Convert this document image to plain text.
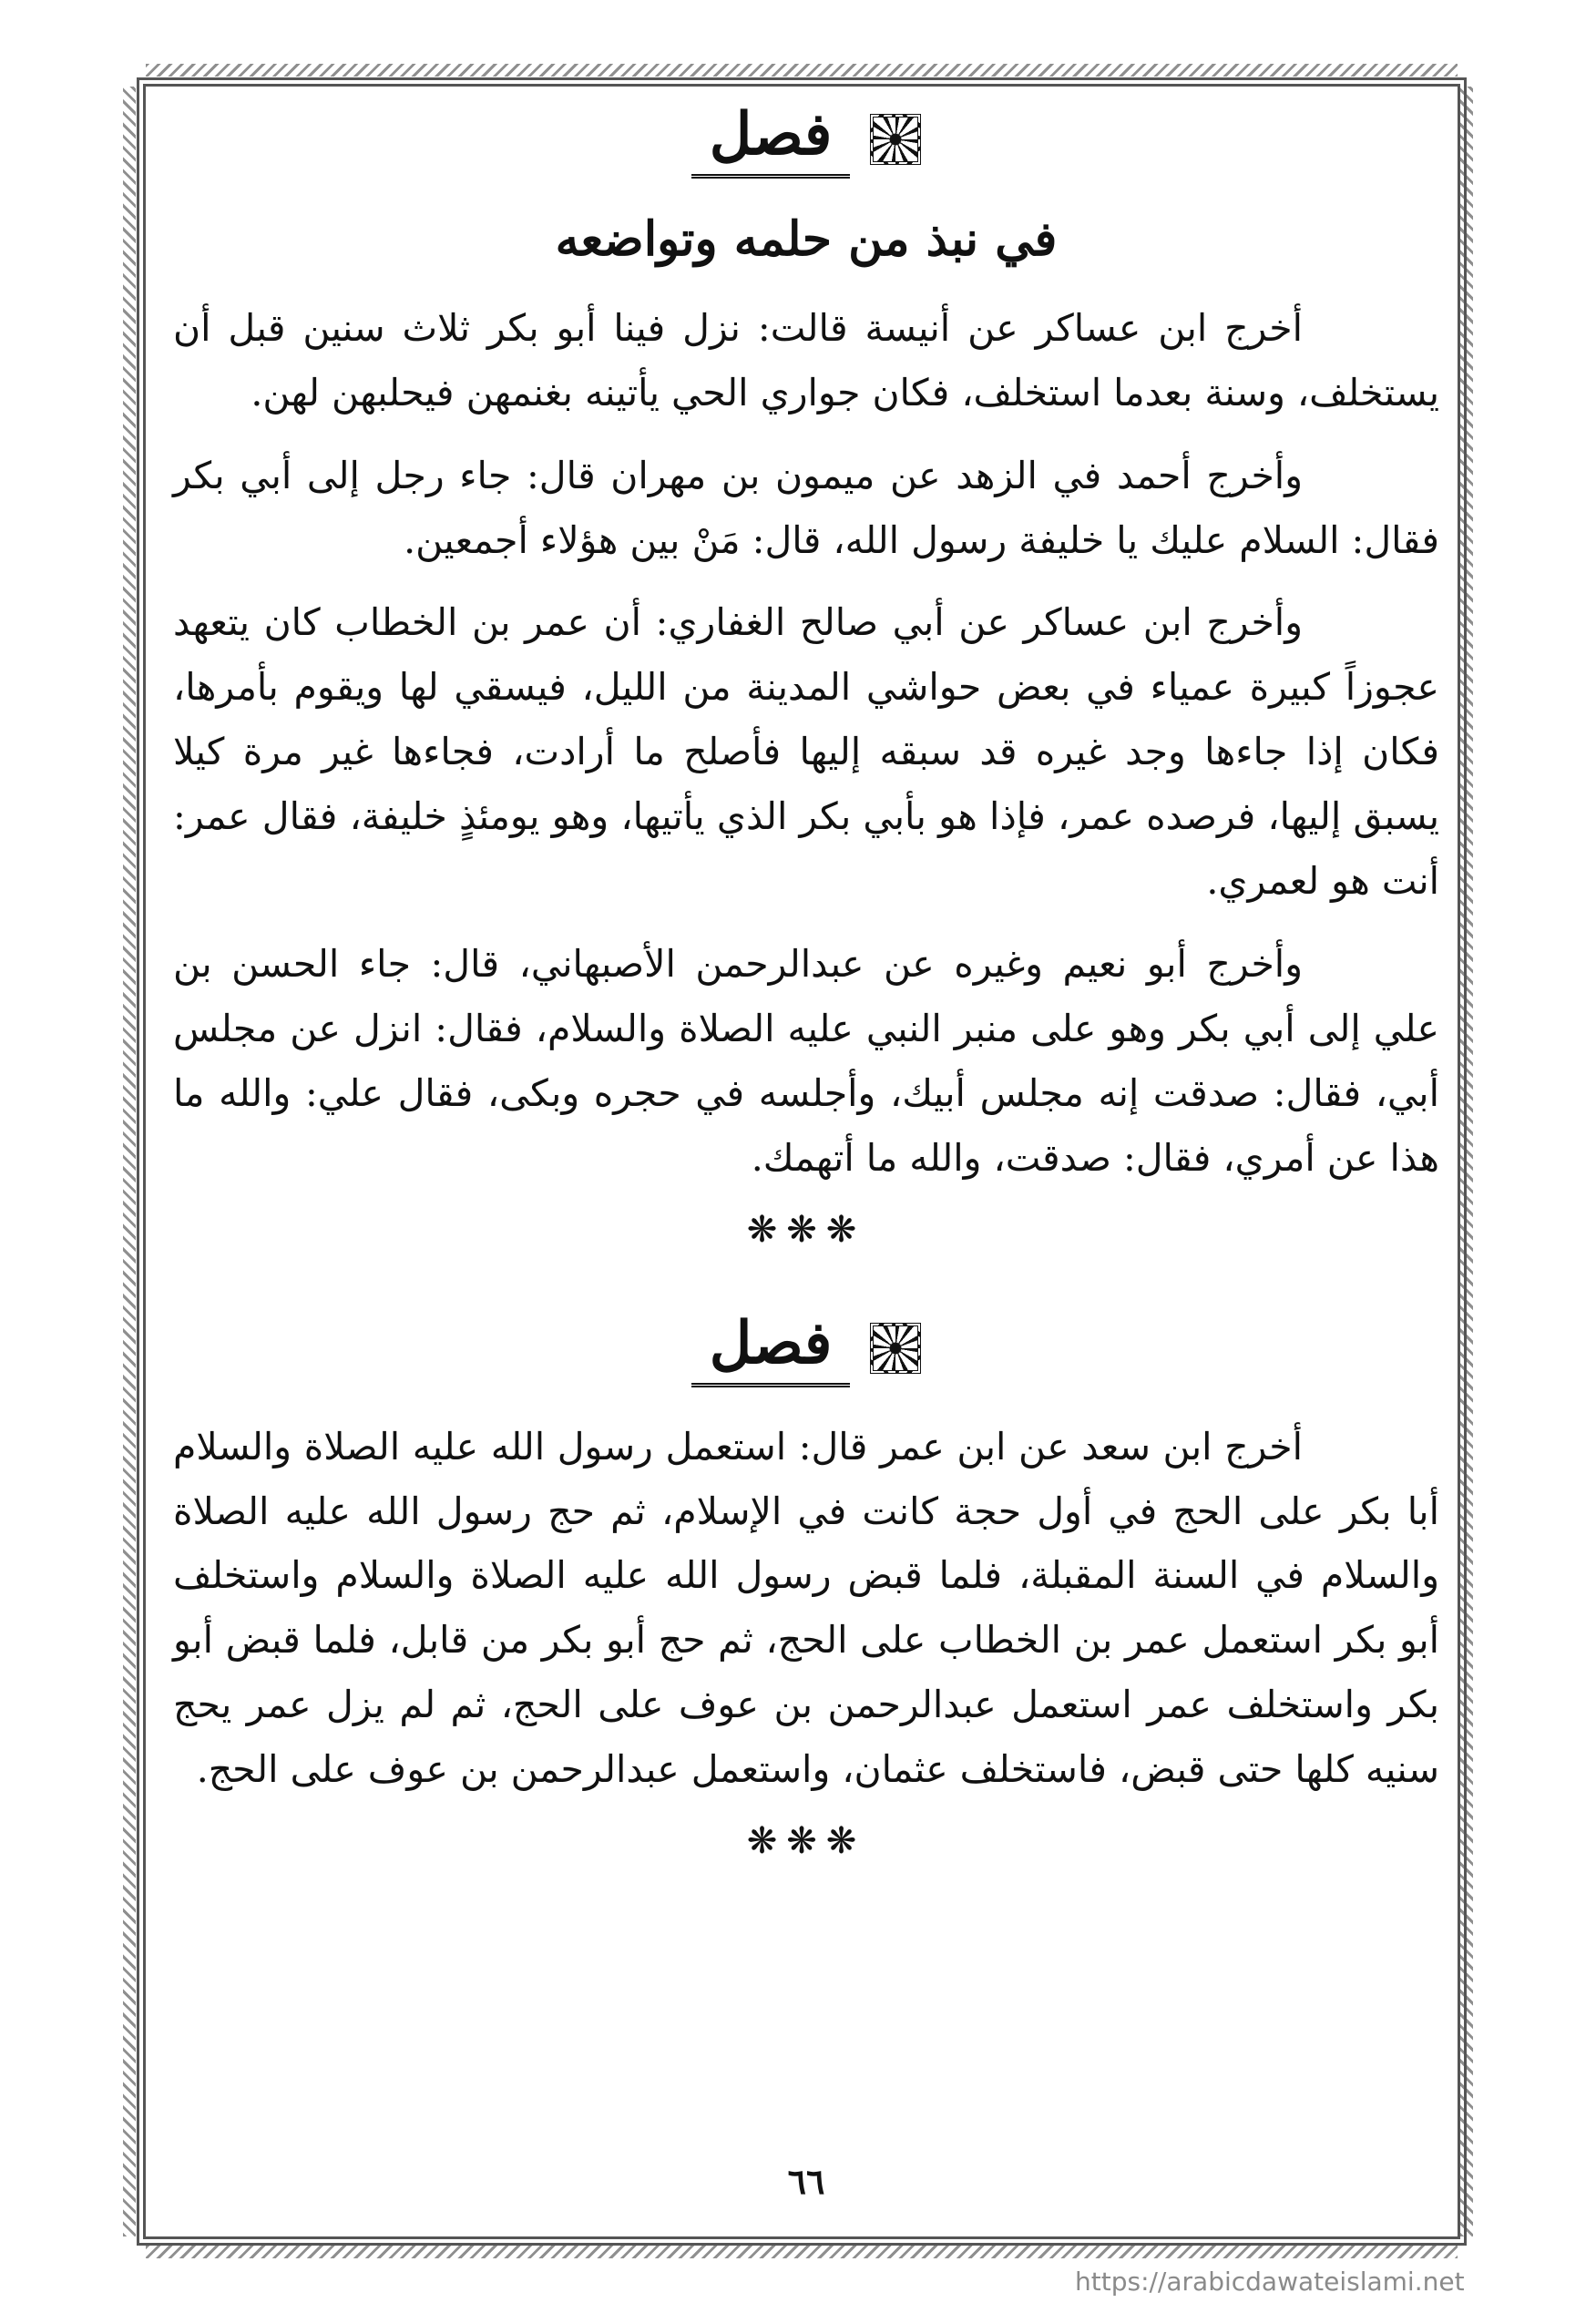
فصل
في نبذ من حلمه وتواضعه

أخرج ابن عساكر عن أنيسة قالت: نزل فينا أبو بكر ثلاث سنين قبل أن يستخلف، وسنة بعدما استخلف، فكان جواري الحي يأتينه بغنمهن فيحلبهن لهن.

وأخرج أحمد في الزهد عن ميمون بن مهران قال: جاء رجل إلى أبي بكر فقال: السلام عليك يا خليفة رسول الله، قال: مَنْ بين هؤلاء أجمعين.

وأخرج ابن عساكر عن أبي صالح الغفاري: أن عمر بن الخطاب كان يتعهد عجوزاً كبيرة عمياء في بعض حواشي المدينة من الليل، فيسقي لها ويقوم بأمرها، فكان إذا جاءها وجد غيره قد سبقه إليها فأصلح ما أرادت، فجاءها غير مرة كيلا يسبق إليها، فرصده عمر، فإذا هو بأبي بكر الذي يأتيها، وهو يومئذٍ خليفة، فقال عمر: أنت هو لعمري.

وأخرج أبو نعيم وغيره عن عبدالرحمن الأصبهاني، قال: جاء الحسن بن علي إلى أبي بكر وهو على منبر النبي عليه الصلاة والسلام، فقال: انزل عن مجلس أبي، فقال: صدقت إنه مجلس أبيك، وأجلسه في حجره وبكى، فقال علي: والله ما هذا عن أمري، فقال: صدقت، والله ما أتهمك.

❋❋❋
فصل

أخرج ابن سعد عن ابن عمر قال: استعمل رسول الله عليه الصلاة والسلام أبا بكر على الحج في أول حجة كانت في الإسلام، ثم حج رسول الله عليه الصلاة والسلام في السنة المقبلة، فلما قبض رسول الله عليه الصلاة والسلام واستخلف أبو بكر استعمل عمر بن الخطاب على الحج، ثم حج أبو بكر من قابل، فلما قبض أبو بكر واستخلف عمر استعمل عبدالرحمن بن عوف على الحج، ثم لم يزل عمر يحج سنيه كلها حتى قبض، فاستخلف عثمان، واستعمل عبدالرحمن بن عوف على الحج.

❋❋❋
٦٦
https://arabicdawateislami.net
